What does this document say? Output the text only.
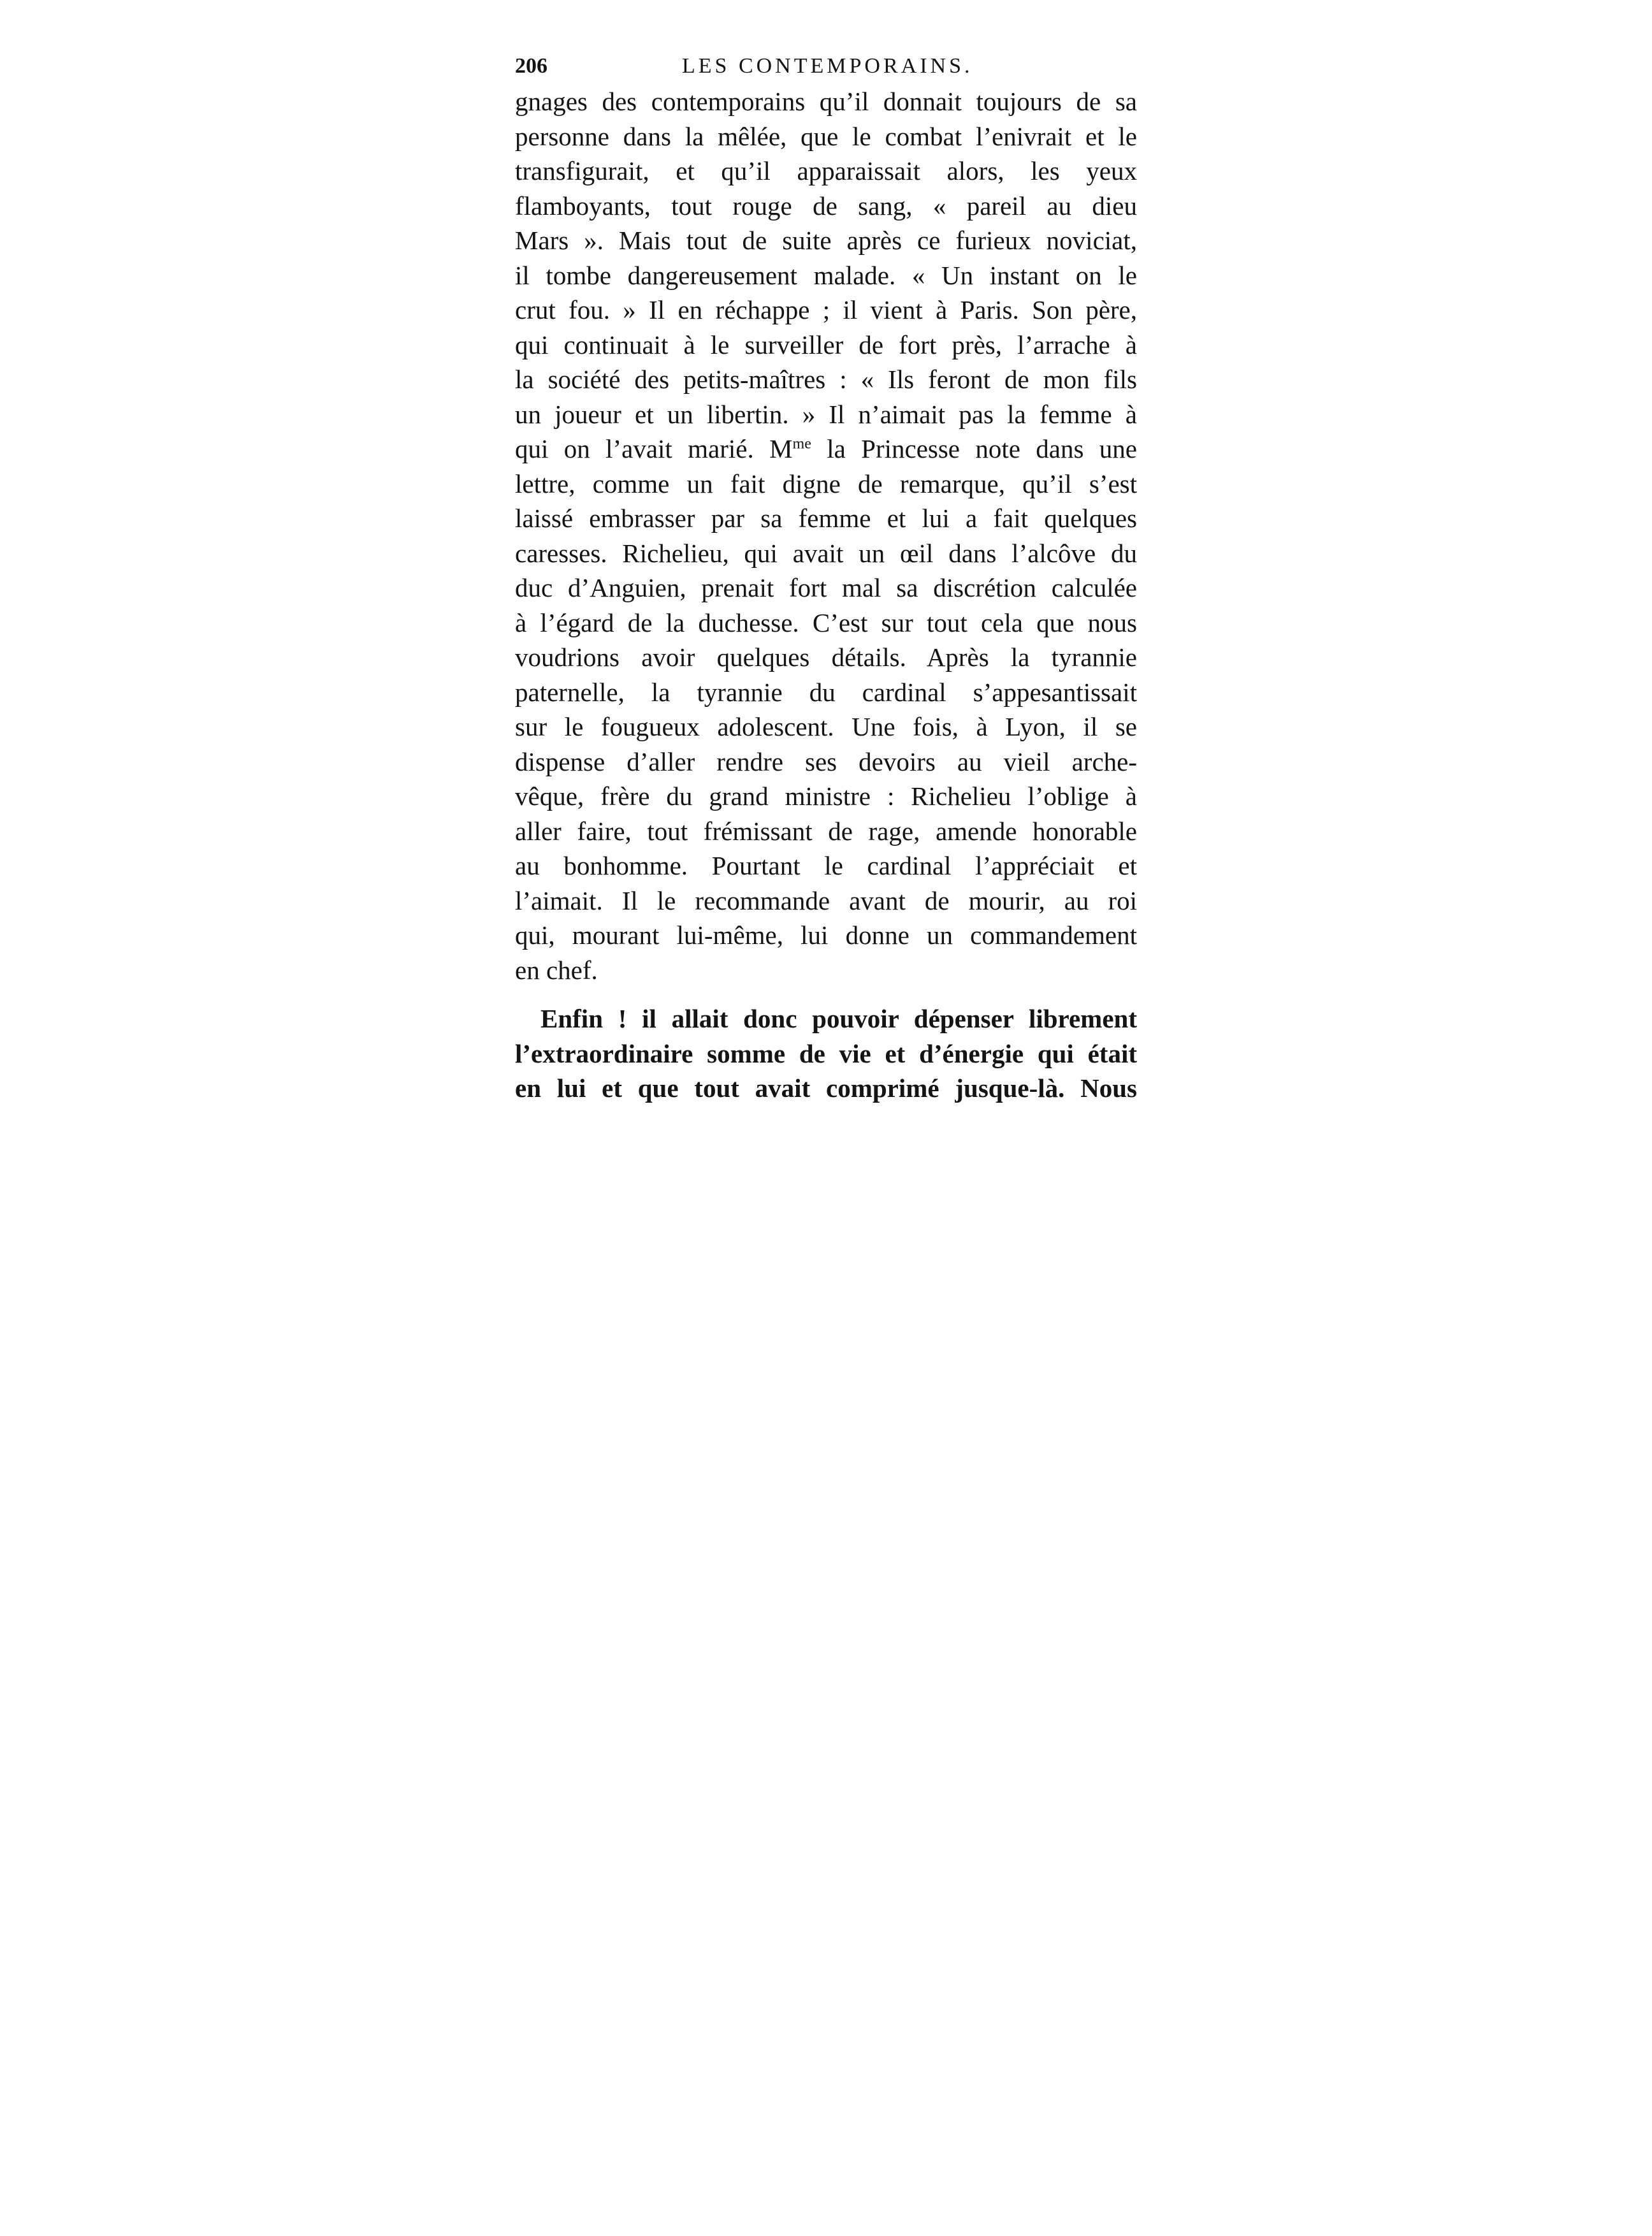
206	LES CONTEMPORAINS.
gnages des contemporains qu’il donnait toujours de sa
personne dans la mêlée, que le combat l’enivrait et le
transfigurait, et qu’il apparaissait alors, les yeux
flamboyants, tout rouge de sang, « pareil au dieu
Mars ». Mais tout de suite après ce furieux noviciat,
il tombe dangereusement malade. « Un instant on le
crut fou. » Il en réchappe ; il vient à Paris. Son père,
qui continuait à le surveiller de fort près, l’arrache à
la société des petits-maîtres : « Ils feront de mon fils
un joueur et un libertin. » Il n’aimait pas la femme à
qui on l’avait marié. $M^{me}$ la Princesse note dans une
lettre, comme un fait digne de remarque, qu’il s’est
laissé embrasser par sa femme et lui a fait quelques
caresses. Richelieu, qui avait un œil dans l’alcôve du
duc d’Anguien, prenait fort mal sa discrétion calculée
à l’égard de la duchesse. C’est sur tout cela que nous
voudrions avoir quelques détails. Après la tyrannie
paternelle, la tyrannie du cardinal s’appesantissait
sur le fougueux adolescent. Une fois, à Lyon, il se
dispense d’aller rendre ses devoirs au vieil arche-
vêque, frère du grand ministre : Richelieu l’oblige à
aller faire, tout frémissant de rage, amende honorable
au bonhomme. Pourtant le cardinal l’appréciait et
l’aimait. Il le recommande avant de mourir, au roi
qui, mourant lui-même, lui donne un commandement
en chef.
Enfin ! il allait donc pouvoir dépenser librement
l’extraordinaire somme de vie et d’énergie qui était
en lui et que tout avait comprimé jusque-là. Nous
